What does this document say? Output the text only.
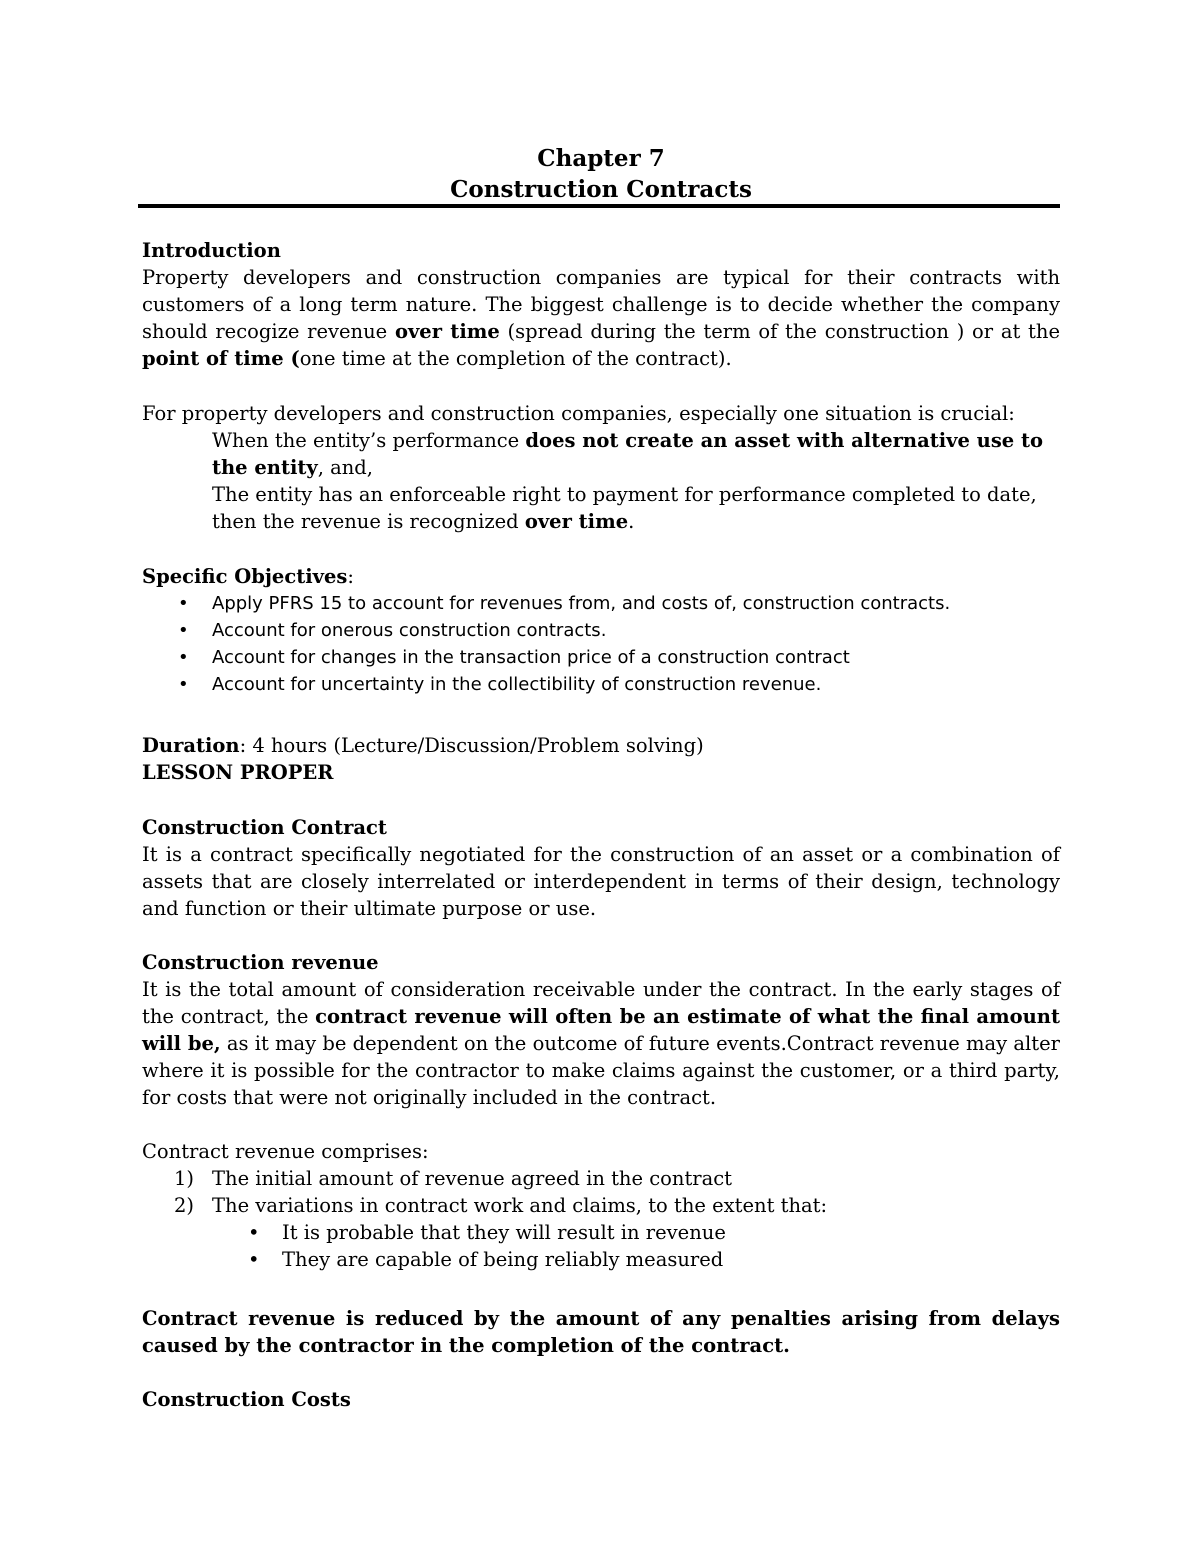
Chapter 7
Construction Contracts

Introduction

Property developers and construction companies are typical for their contracts with customers of a long term nature. The biggest challenge is to decide whether the company should recogize revenue over time (spread during the term of the construction ) or at the point of time (one time at the completion of the contract).

For property developers and construction companies, especially one situation is crucial:

When the entity’s performance does not create an asset with alternative use to the entity, and,

The entity has an enforceable right to payment for performance completed to date, then the revenue is recognized over time.

Specific Objectives:

• Apply PFRS 15 to account for revenues from, and costs of, construction contracts.
• Account for onerous construction contracts.
• Account for changes in the transaction price of a construction contract
• Account for uncertainty in the collectibility of construction revenue.

Duration: 4 hours (Lecture/Discussion/Problem solving)

LESSON PROPER

Construction Contract

It is a contract specifically negotiated for the construction of an asset or a combination of assets that are closely interrelated or interdependent in terms of their design, technology and function or their ultimate purpose or use.

Construction revenue

It is the total amount of consideration receivable under the contract. In the early stages of the contract, the contract revenue will often be an estimate of what the final amount will be, as it may be dependent on the outcome of future events.Contract revenue may alter where it is possible for the contractor to make claims against the customer, or a third party, for costs that were not originally included in the contract.

Contract revenue comprises:

1) The initial amount of revenue agreed in the contract
2) The variations in contract work and claims, to the extent that:
• It is probable that they will result in revenue
• They are capable of being reliably measured

Contract revenue is reduced by the amount of any penalties arising from delays caused by the contractor in the completion of the contract.

Construction Costs
